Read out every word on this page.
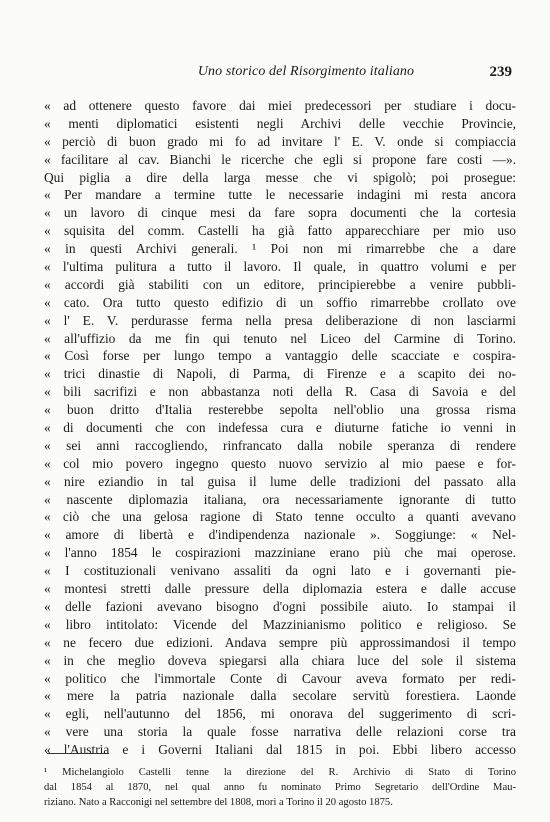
Uno storico del Risorgimento italiano	239
« ad ottenere questo favore dai miei predecessori per studiare i docu-
« menti diplomatici esistenti negli Archivi delle vecchie Provincie,
« perciò di buon grado mi fo ad invitare l' E. V. onde si compiaccia
« facilitare al cav. Bianchi le ricerche che egli si propone fare costi —».
Qui piglia a dire della larga messe che vi spigolò; poi prosegue:
« Per mandare a termine tutte le necessarie indagini mi resta ancora
« un lavoro di cinque mesi da fare sopra documenti che la cortesia
« squisita del comm. Castelli ha già fatto apparecchiare per mio uso
« in questi Archivi generali. ¹ Poi non mi rimarrebbe che a dare
« l'ultima pulitura a tutto il lavoro. Il quale, in quattro volumi e per
« accordi già stabiliti con un editore, principierebbe a venire pubbli-
« cato. Ora tutto questo edifizio di un soffio rimarrebbe crollato ove
« l' E. V. perdurasse ferma nella presa deliberazione di non lasciarmi
« all'uffizio da me fin qui tenuto nel Liceo del Carmine di Torino.
« Così forse per lungo tempo a vantaggio delle scacciate e cospira-
« trici dinastie di Napoli, di Parma, di Firenze e a scapito dei no-
« bili sacrifizi e non abbastanza noti della R. Casa di Savoia e del
« buon dritto d'Italia resterebbe sepolta nell'oblio una grossa risma
« di documenti che con indefessa cura e diuturne fatiche io venni in
« sei anni raccogliendo, rinfrancato dalla nobile speranza di rendere
« col mio povero ingegno questo nuovo servizio al mio paese e for-
« nire eziandio in tal guisa il lume delle tradizioni del passato alla
« nascente diplomazia italiana, ora necessariamente ignorante di tutto
« ciò che una gelosa ragione di Stato tenne occulto a quanti avevano
« amore di libertà e d'indipendenza nazionale ». Soggiunge: « Nel-
« l'anno 1854 le cospirazioni mazziniane erano più che mai operose.
« I costituzionali venivano assaliti da ogni lato e i governanti pie-
« montesi stretti dalle pressure della diplomazia estera e dalle accuse
« delle fazioni avevano bisogno d'ogni possibile aiuto. Io stampai il
« libro intitolato: Vicende del Mazzinianismo politico e religioso. Se
« ne fecero due edizioni. Andava sempre più approssimandosi il tempo
« in che meglio doveva spiegarsi alla chiara luce del sole il sistema
« politico che l'immortale Conte di Cavour aveva formato per redi-
« mere la patria nazionale dalla secolare servitù forestiera. Laonde
« egli, nell'autunno del 1856, mi onorava del suggerimento di scri-
« vere una storia la quale fosse narrativa delle relazioni corse tra
« l'Austria e i Governi Italiani dal 1815 in poi. Ebbi libero accesso
¹ Michelangiolo Castelli tenne la direzione del R. Archivio di Stato di Torino
dal 1854 al 1870, nel qual anno fu nominato Primo Segretario dell'Ordine Mau-
riziano. Nato a Racconigi nel settembre del 1808, morì a Torino il 20 agosto 1875.
